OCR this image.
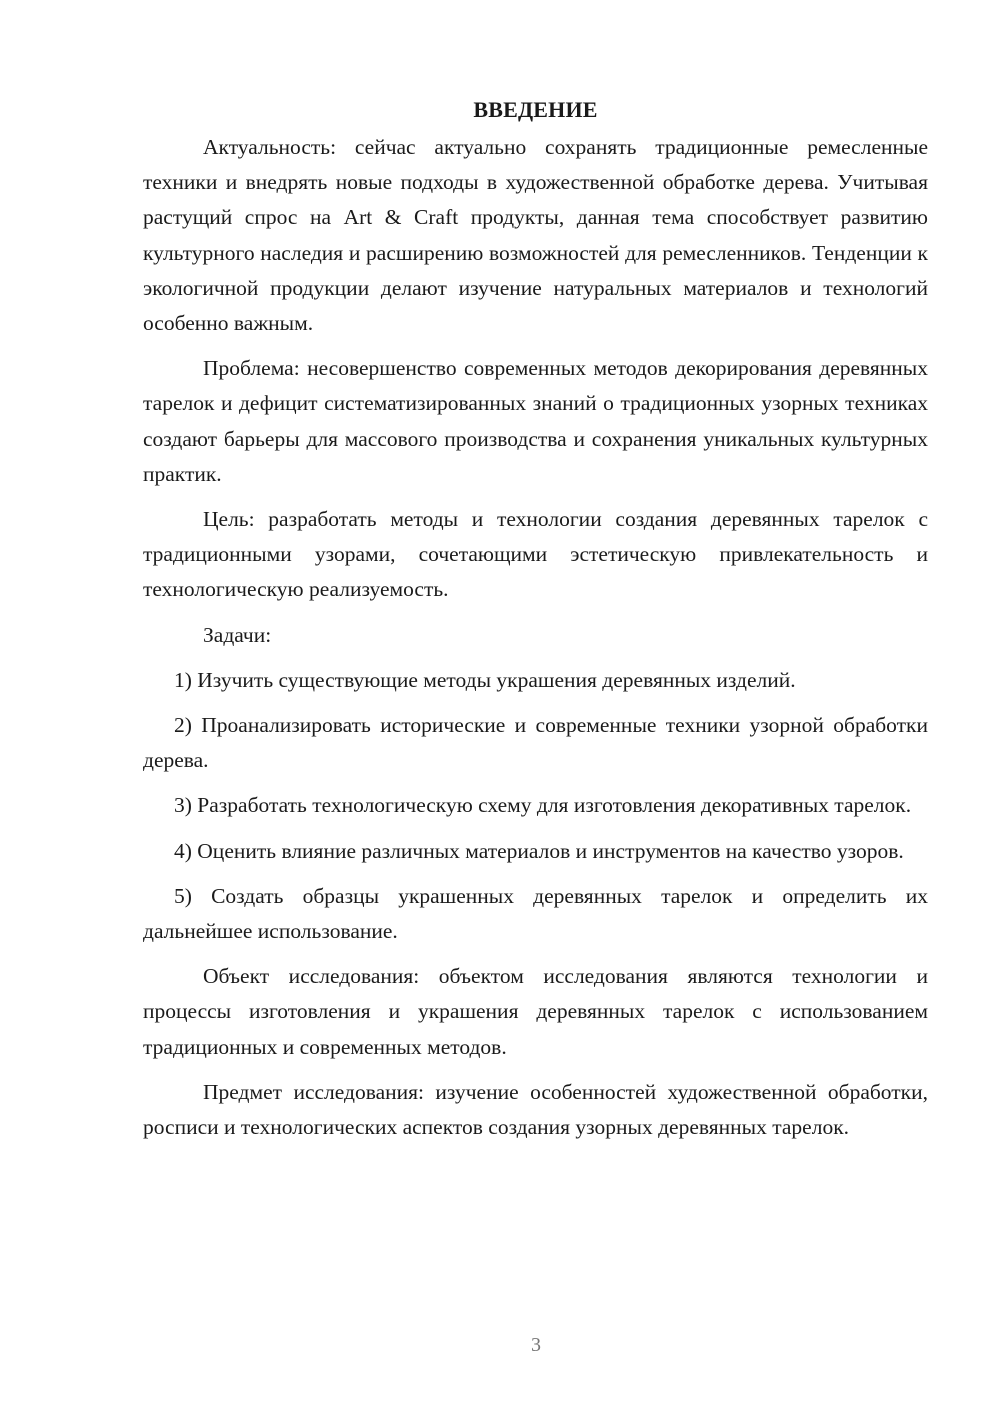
ВВЕДЕНИЕ

Актуальность: сейчас актуально сохранять традиционные ремесленные техники и внедрять новые подходы в художественной обработке дерева. Учитывая растущий спрос на Art & Craft продукты, данная тема способствует развитию культурного наследия и расширению возможностей для ремесленников. Тенденции к экологичной продукции делают изучение натуральных материалов и технологий особенно важным.

Проблема: несовершенство современных методов декорирования деревянных тарелок и дефицит систематизированных знаний о традиционных узорных техниках создают барьеры для массового производства и сохранения уникальных культурных практик.

Цель: разработать методы и технологии создания деревянных тарелок с традиционными узорами, сочетающими эстетическую привлекательность и технологическую реализуемость.

Задачи:

1) Изучить существующие методы украшения деревянных изделий.

2) Проанализировать исторические и современные техники узорной обработки дерева.

3) Разработать технологическую схему для изготовления декоративных тарелок.

4) Оценить влияние различных материалов и инструментов на качество узоров.

5) Создать образцы украшенных деревянных тарелок и определить их дальнейшее использование.

Объект исследования: объектом исследования являются технологии и процессы изготовления и украшения деревянных тарелок с использованием традиционных и современных методов.

Предмет исследования: изучение особенностей художественной обработки, росписи и технологических аспектов создания узорных деревянных тарелок.

3
